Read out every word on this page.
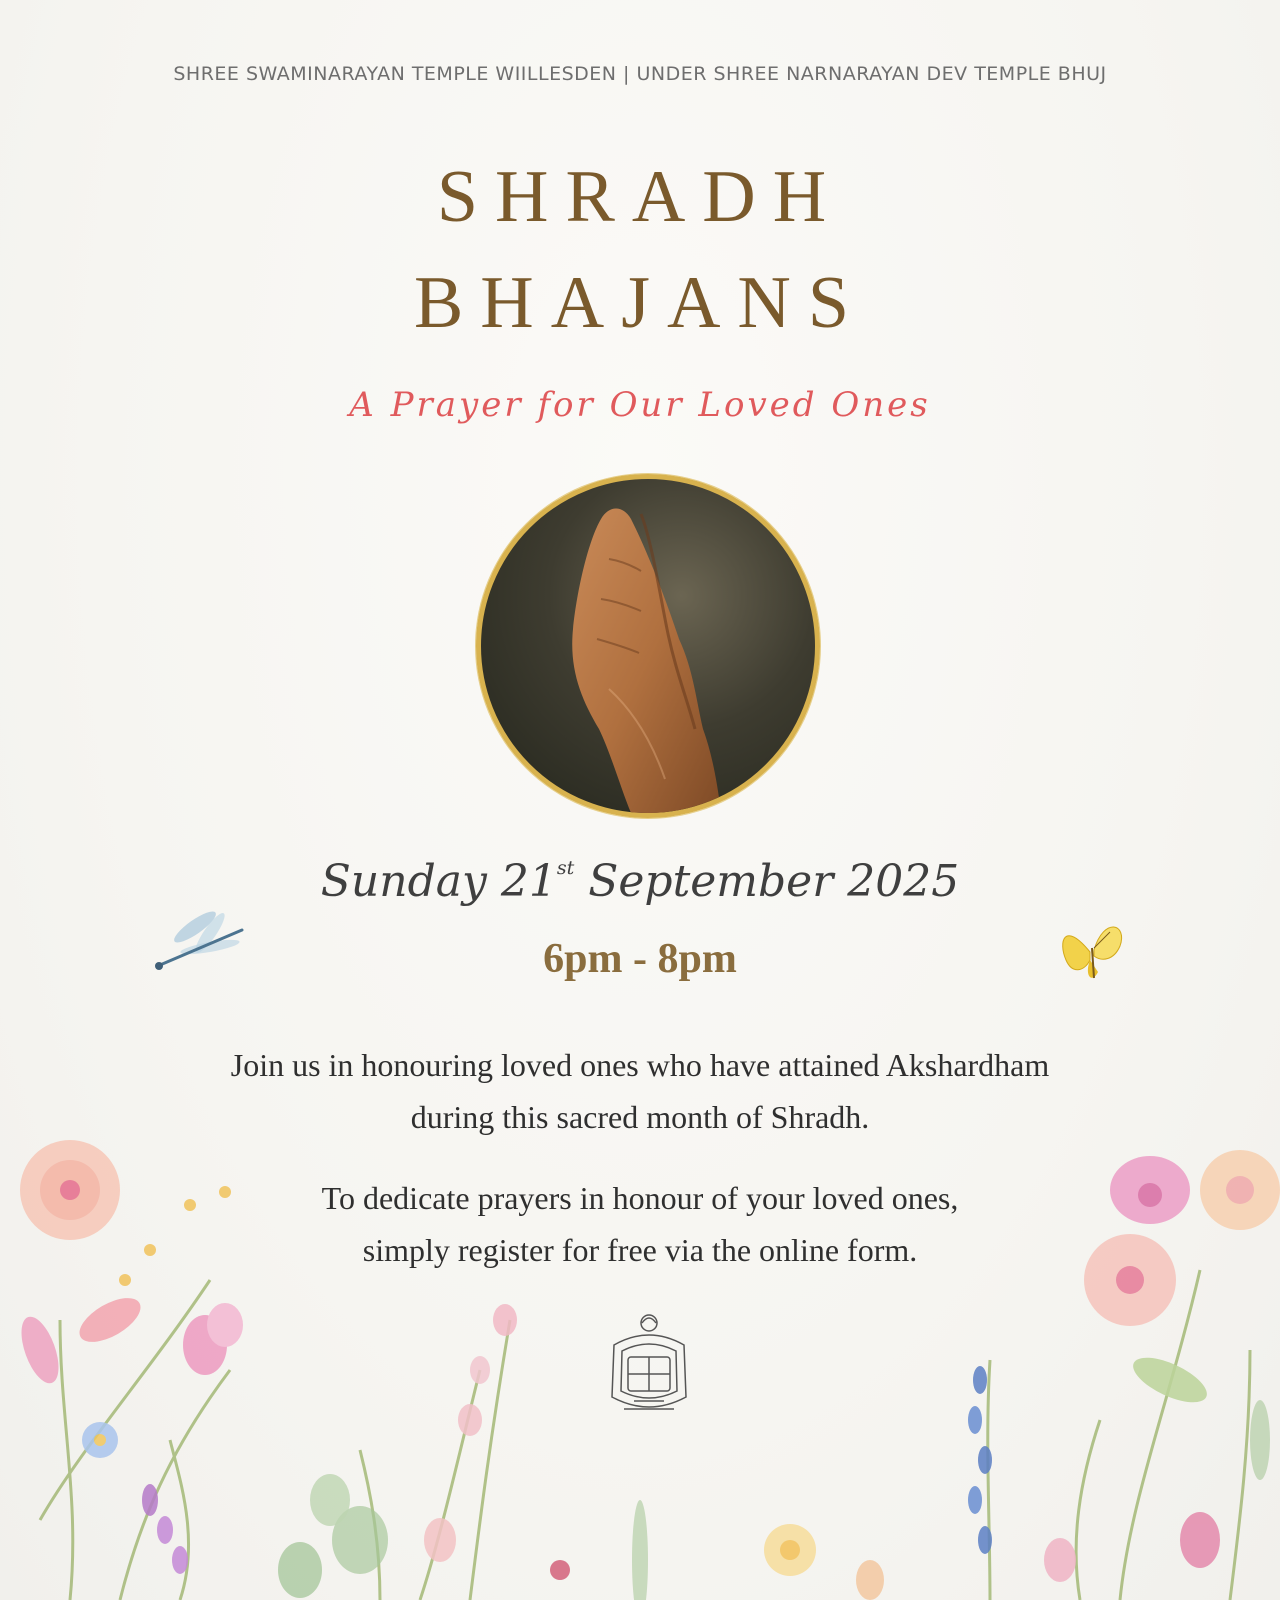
SHREE SWAMINARAYAN TEMPLE WIILLESDEN | UNDER SHREE NARNARAYAN DEV TEMPLE BHUJ
SHRADH
BHAJANS
A Prayer for Our Loved Ones
Sunday 21st September 2025
6pm - 8pm
Join us in honouring loved ones who have attained Akshardham
during this sacred month of Shradh.
To dedicate prayers in honour of your loved ones,
simply register for free via the online form.
